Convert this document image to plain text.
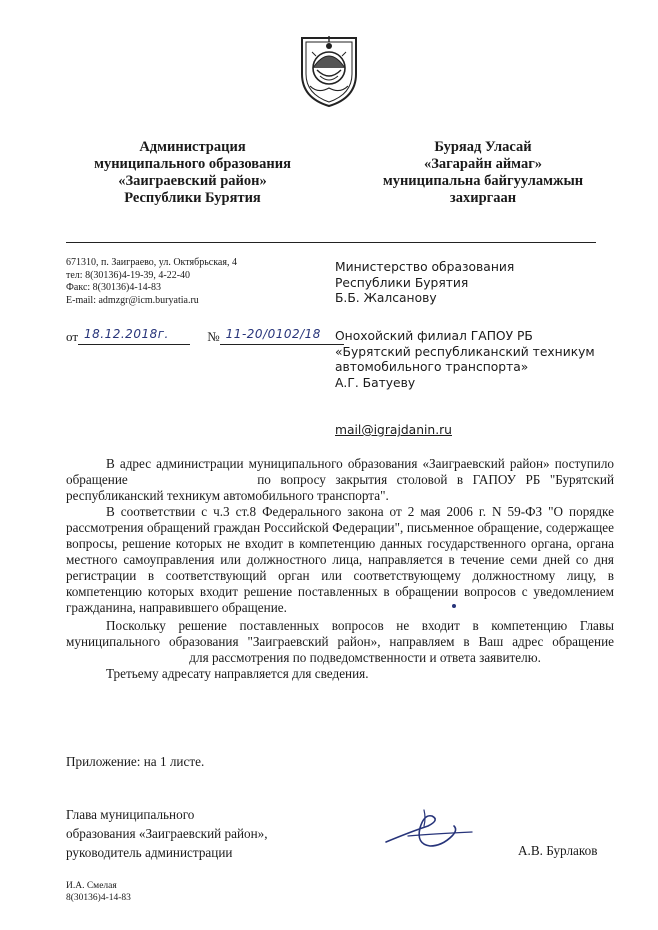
Администрация
муниципального образования
«Заиграевский район»
Республики Бурятия
Буряад Уласай
«Загарайн аймаг»
муниципальна байгууламжын
захиргаан
671310, п. Заиграево, ул. Октябрьская, 4
тел: 8(30136)4-19-39, 4-22-40
Факс: 8(30136)4-14-83
E-mail: admzgr@icm.buryatia.ru
от 18.12.2018г.	№ 11-20/0102/18
Министерство образования
Республики Бурятия
Б.Б. Жалсанову
Онохойский филиал ГАПОУ РБ
«Бурятский республиканский техникум
автомобильного транспорта»
А.Г. Батуеву
mail@igrajdanin.ru

В адрес администрации муниципального образования «Заиграевский район» поступило обращение	по вопросу закрытия столовой в ГАПОУ РБ "Бурятский республиканский техникум автомобильного транспорта".

В соответствии с ч.3 ст.8 Федерального закона от 2 мая 2006 г. N 59-ФЗ "О порядке рассмотрения обращений граждан Российской Федерации", письменное обращение, содержащее вопросы, решение которых не входит в компетенцию данных государственного органа, органа местного самоуправления или должностного лица, направляется в течение семи дней со дня регистрации в соответствующий орган или соответствующему должностному лицу, в компетенцию которых входит решение поставленных в обращении вопросов с уведомлением гражданина, направившего обращение.

Поскольку решение поставленных вопросов не входит в компетенцию Главы муниципального образования "Заиграевский район», направляем в Ваш адрес обращение для рассмотрения по подведомственности и ответа заявителю.

Третьему адресату направляется для сведения.

Приложение: на 1 листе.
Глава муниципального
образования «Заиграевский район»,
руководитель администрации	А.В. Бурлаков
И.А. Смелая
8(30136)4-14-83
